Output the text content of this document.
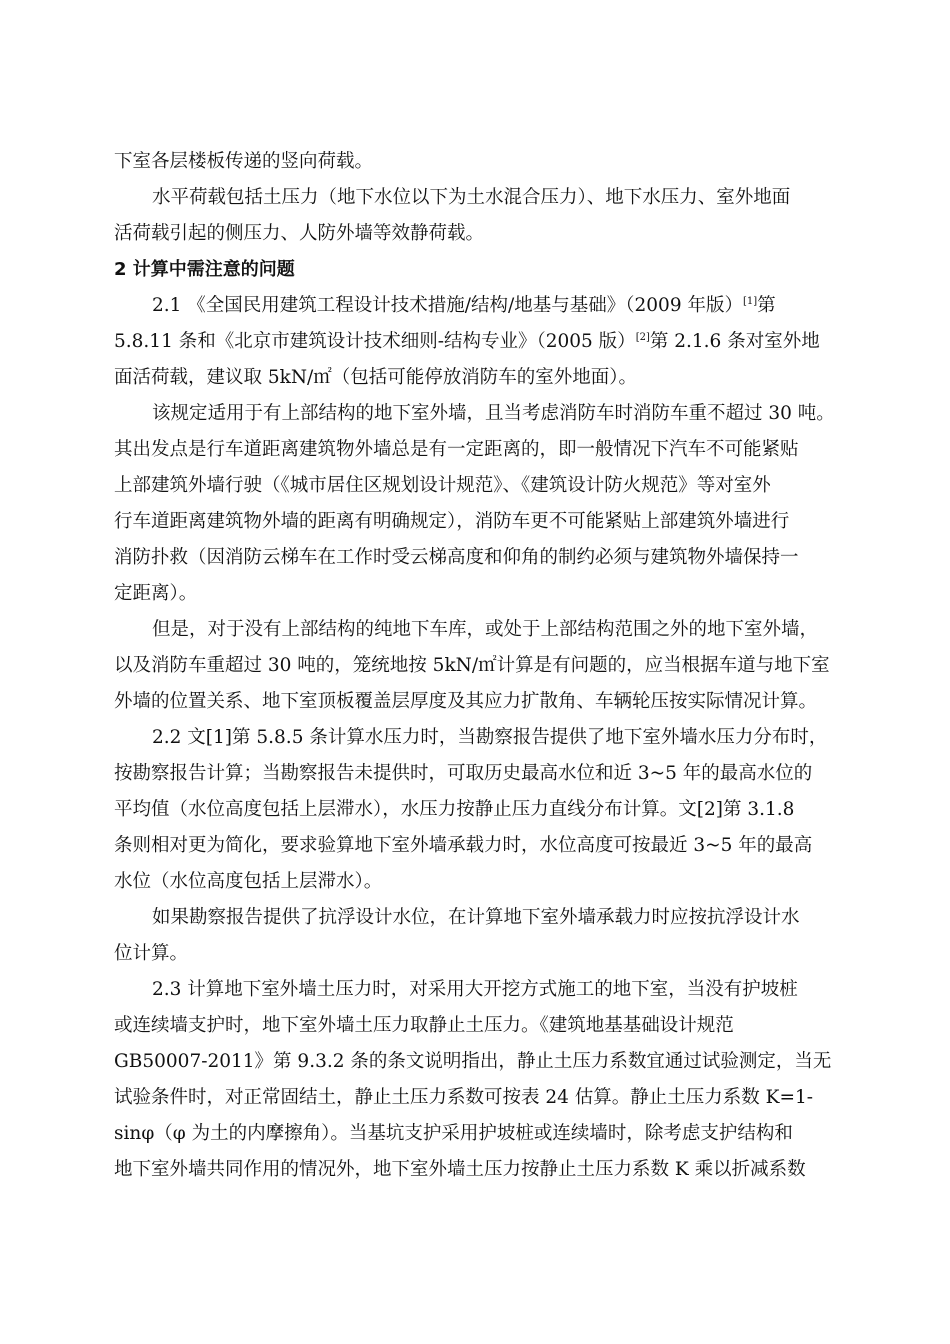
下室各层楼板传递的竖向荷载。
水平荷载包括土压力（地下水位以下为土水混合压力）、地下水压力、室外地面
活荷载引起的侧压力、人防外墙等效静荷载。
2 计算中需注意的问题
2.1 《全国民用建筑工程设计技术措施/结构/地基与基础》（2009 年版）[1]第
5.8.11 条和《北京市建筑设计技术细则-结构专业》（2005 版）[2]第 2.1.6 条对室外地
面活荷载，建议取 5kN/㎡（包括可能停放消防车的室外地面）。
该规定适用于有上部结构的地下室外墙，且当考虑消防车时消防车重不超过 30 吨。
其出发点是行车道距离建筑物外墙总是有一定距离的，即一般情况下汽车不可能紧贴
上部建筑外墙行驶（《城市居住区规划设计规范》、《建筑设计防火规范》等对室外
行车道距离建筑物外墙的距离有明确规定），消防车更不可能紧贴上部建筑外墙进行
消防扑救（因消防云梯车在工作时受云梯高度和仰角的制约必须与建筑物外墙保持一
定距离）。
但是，对于没有上部结构的纯地下车库，或处于上部结构范围之外的地下室外墙，
以及消防车重超过 30 吨的，笼统地按 5kN/㎡计算是有问题的，应当根据车道与地下室
外墙的位置关系、地下室顶板覆盖层厚度及其应力扩散角、车辆轮压按实际情况计算。
2.2 文[1]第 5.8.5 条计算水压力时，当勘察报告提供了地下室外墙水压力分布时，
按勘察报告计算；当勘察报告未提供时，可取历史最高水位和近 3~5 年的最高水位的
平均值（水位高度包括上层滞水），水压力按静止压力直线分布计算。文[2]第 3.1.8
条则相对更为简化，要求验算地下室外墙承载力时，水位高度可按最近 3~5 年的最高
水位（水位高度包括上层滞水）。
如果勘察报告提供了抗浮设计水位，在计算地下室外墙承载力时应按抗浮设计水
位计算。
2.3 计算地下室外墙土压力时，对采用大开挖方式施工的地下室，当没有护坡桩
或连续墙支护时，地下室外墙土压力取静止土压力。《建筑地基基础设计规范
GB50007-2011》第 9.3.2 条的条文说明指出，静止土压力系数宜通过试验测定，当无
试验条件时，对正常固结土，静止土压力系数可按表 24 估算。静止土压力系数 K=1-
sinφ（φ 为土的内摩擦角）。当基坑支护采用护坡桩或连续墙时，除考虑支护结构和
地下室外墙共同作用的情况外，地下室外墙土压力按静止土压力系数 K 乘以折减系数
